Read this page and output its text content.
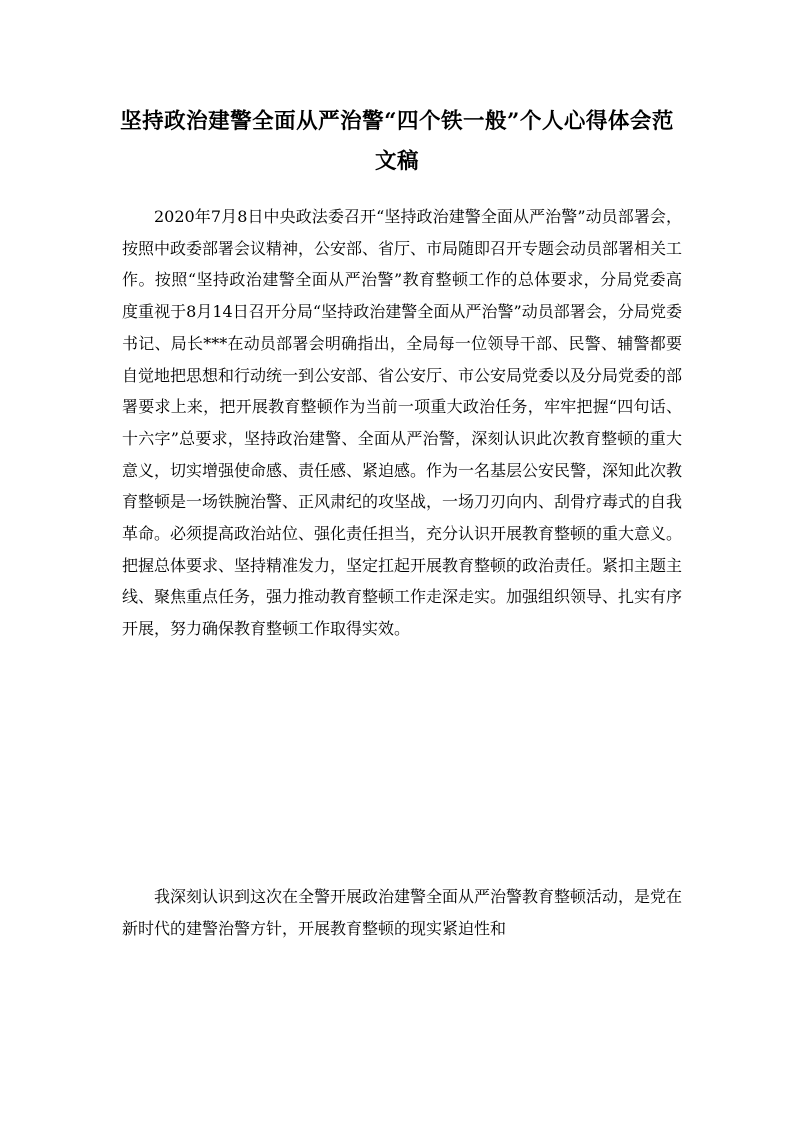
坚持政治建警全面从严治警“四个铁一般”个人心得体会范文稿

2020年7月8日中央政法委召开“坚持政治建警全面从严治警”动员部署会，按照中政委部署会议精神，公安部、省厅、市局随即召开专题会动员部署相关工作。按照“坚持政治建警全面从严治警”教育整顿工作的总体要求，分局党委高度重视于8月14日召开分局“坚持政治建警全面从严治警”动员部署会，分局党委书记、局长***在动员部署会明确指出，全局每一位领导干部、民警、辅警都要自觉地把思想和行动统一到公安部、省公安厅、市公安局党委以及分局党委的部署要求上来，把开展教育整顿作为当前一项重大政治任务，牢牢把握“四句话、十六字”总要求，坚持政治建警、全面从严治警，深刻认识此次教育整顿的重大意义，切实增强使命感、责任感、紧迫感。作为一名基层公安民警，深知此次教育整顿是一场铁腕治警、正风肃纪的攻坚战，一场刀刃向内、刮骨疗毒式的自我革命。必须提高政治站位、强化责任担当，充分认识开展教育整顿的重大意义。把握总体要求、坚持精准发力，坚定扛起开展教育整顿的政治责任。紧扣主题主线、聚焦重点任务，强力推动教育整顿工作走深走实。加强组织领导、扎实有序开展，努力确保教育整顿工作取得实效。

我深刻认识到这次在全警开展政治建警全面从严治警教育整顿活动，是党在新时代的建警治警方针，开展教育整顿的现实紧迫性和
